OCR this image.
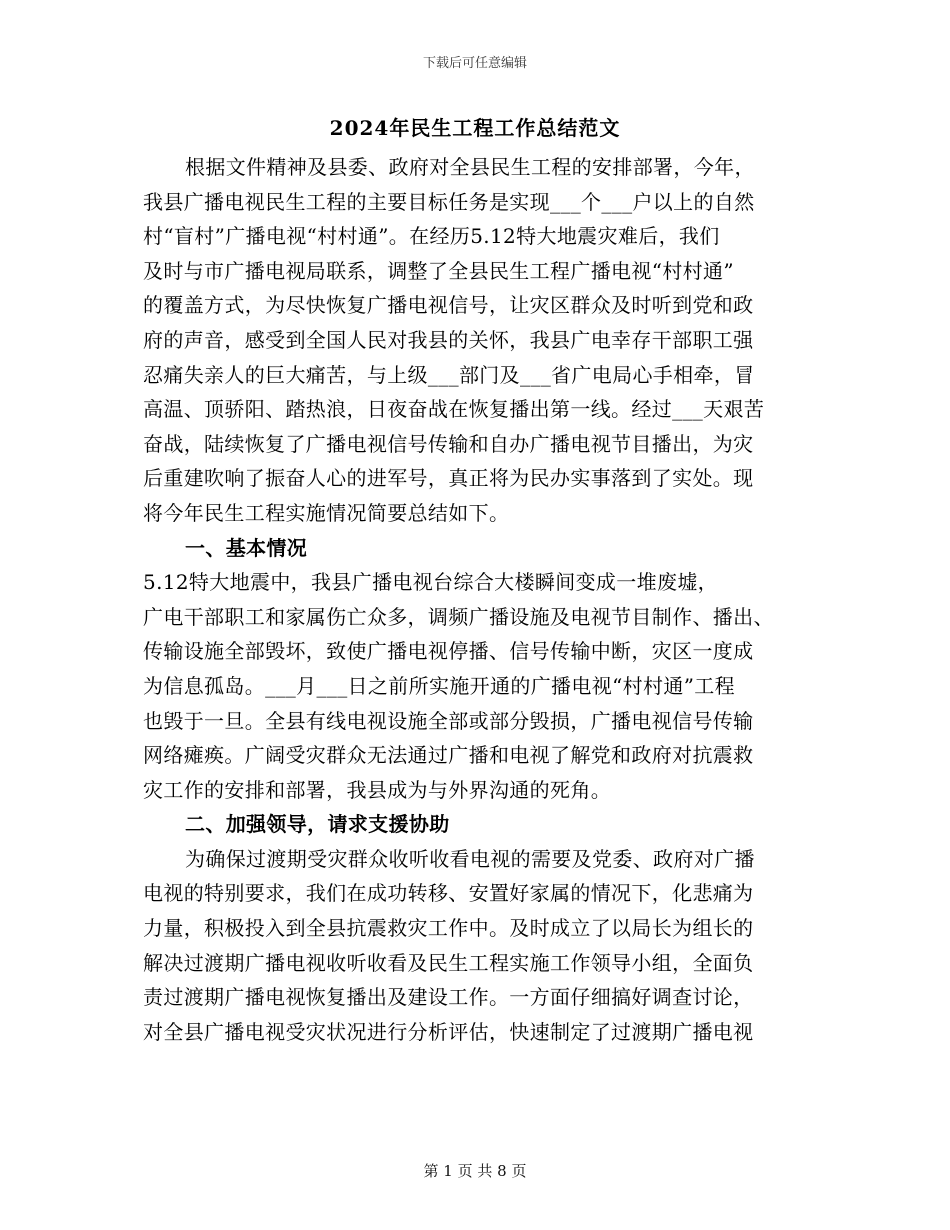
下载后可任意编辑
2024年民生工程工作总结范文
根据文件精神及县委、政府对全县民生工程的安排部署，今年，
我县广播电视民生工程的主要目标任务是实现___个___户以上的自然
村“盲村”广播电视“村村通”。在经历5.12特大地震灾难后，我们
及时与市广播电视局联系，调整了全县民生工程广播电视“村村通”
的覆盖方式，为尽快恢复广播电视信号，让灾区群众及时听到党和政
府的声音，感受到全国人民对我县的关怀，我县广电幸存干部职工强
忍痛失亲人的巨大痛苦，与上级___部门及___省广电局心手相牵，冒
高温、顶骄阳、踏热浪，日夜奋战在恢复播出第一线。经过___天艰苦
奋战，陆续恢复了广播电视信号传输和自办广播电视节目播出，为灾
后重建吹响了振奋人心的进军号，真正将为民办实事落到了实处。现
将今年民生工程实施情况简要总结如下。
一、基本情况
5.12特大地震中，我县广播电视台综合大楼瞬间变成一堆废墟，
广电干部职工和家属伤亡众多，调频广播设施及电视节目制作、播出、
传输设施全部毁坏，致使广播电视停播、信号传输中断，灾区一度成
为信息孤岛。___月___日之前所实施开通的广播电视“村村通”工程
也毁于一旦。全县有线电视设施全部或部分毁损，广播电视信号传输
网络瘫痪。广阔受灾群众无法通过广播和电视了解党和政府对抗震救
灾工作的安排和部署，我县成为与外界沟通的死角。
二、加强领导，请求支援协助
为确保过渡期受灾群众收听收看电视的需要及党委、政府对广播
电视的特别要求，我们在成功转移、安置好家属的情况下，化悲痛为
力量，积极投入到全县抗震救灾工作中。及时成立了以局长为组长的
解决过渡期广播电视收听收看及民生工程实施工作领导小组，全面负
责过渡期广播电视恢复播出及建设工作。一方面仔细搞好调查讨论，
对全县广播电视受灾状况进行分析评估，快速制定了过渡期广播电视
第 1 页 共 8 页
